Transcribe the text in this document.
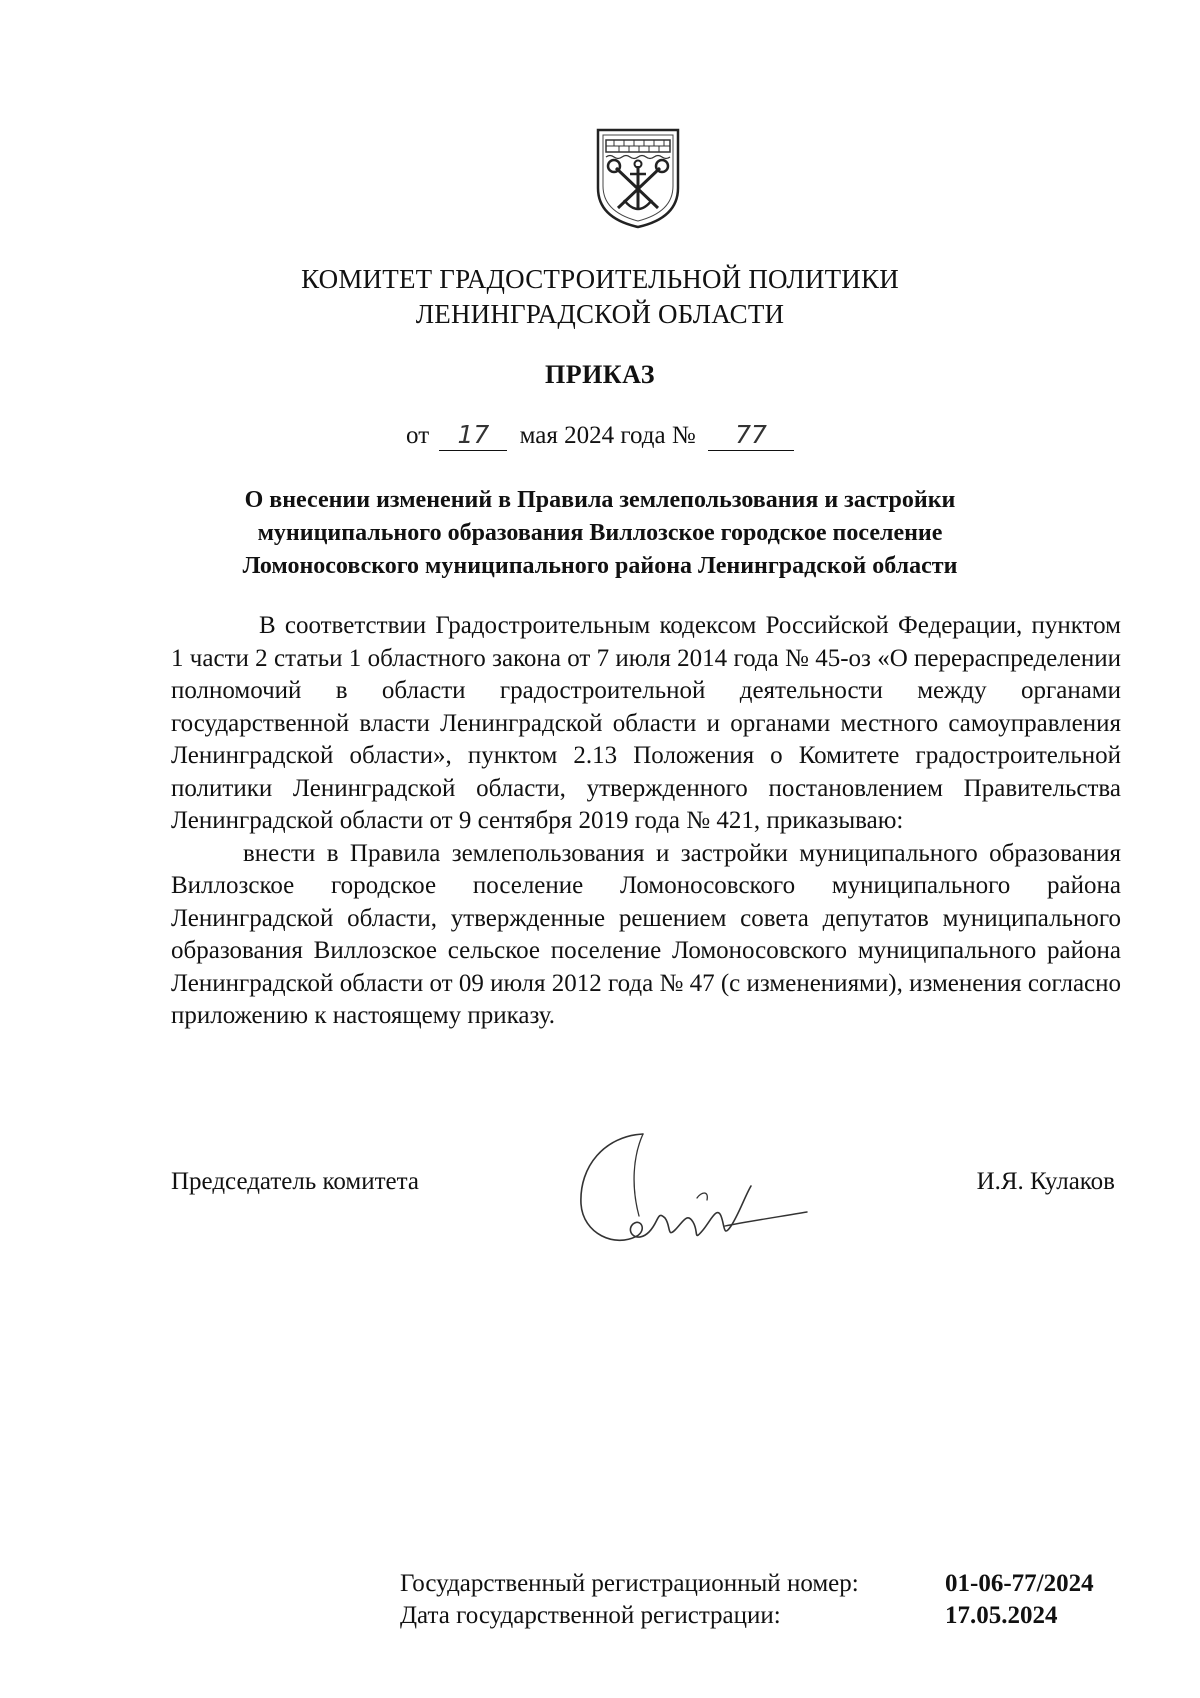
КОМИТЕТ ГРАДОСТРОИТЕЛЬНОЙ ПОЛИТИКИ
ЛЕНИНГРАДСКОЙ ОБЛАСТИ
ПРИКАЗ
от 17 мая 2024 года № 77
О внесении изменений в Правила землепользования и застройки
муниципального образования Виллозское городское поселение
Ломоносовского муниципального района Ленинградской области

В соответствии Градостроительным кодексом Российской Федерации, пунктом 1 части 2 статьи 1 областного закона от 7 июля 2014 года № 45-оз «О перераспределении полномочий в области градостроительной деятельности между органами государственной власти Ленинградской области и органами местного самоуправления Ленинградской области», пунктом 2.13 Положения о Комитете градостроительной политики Ленинградской области, утвержденного постановлением Правительства Ленинградской области от 9 сентября 2019 года № 421, приказываю:

внести в Правила землепользования и застройки муниципального образования Виллозское городское поселение Ломоносовского муниципального района Ленинградской области, утвержденные решением совета депутатов муниципального образования Виллозское сельское поселение Ломоносовского муниципального района Ленинградской области от 09 июля 2012 года № 47 (с изменениями), изменения согласно приложению к настоящему приказу.

Председатель комитета	И.Я. Кулаков
Государственный регистрационный номер:	01-06-77/2024
Дата государственной регистрации:	17.05.2024
